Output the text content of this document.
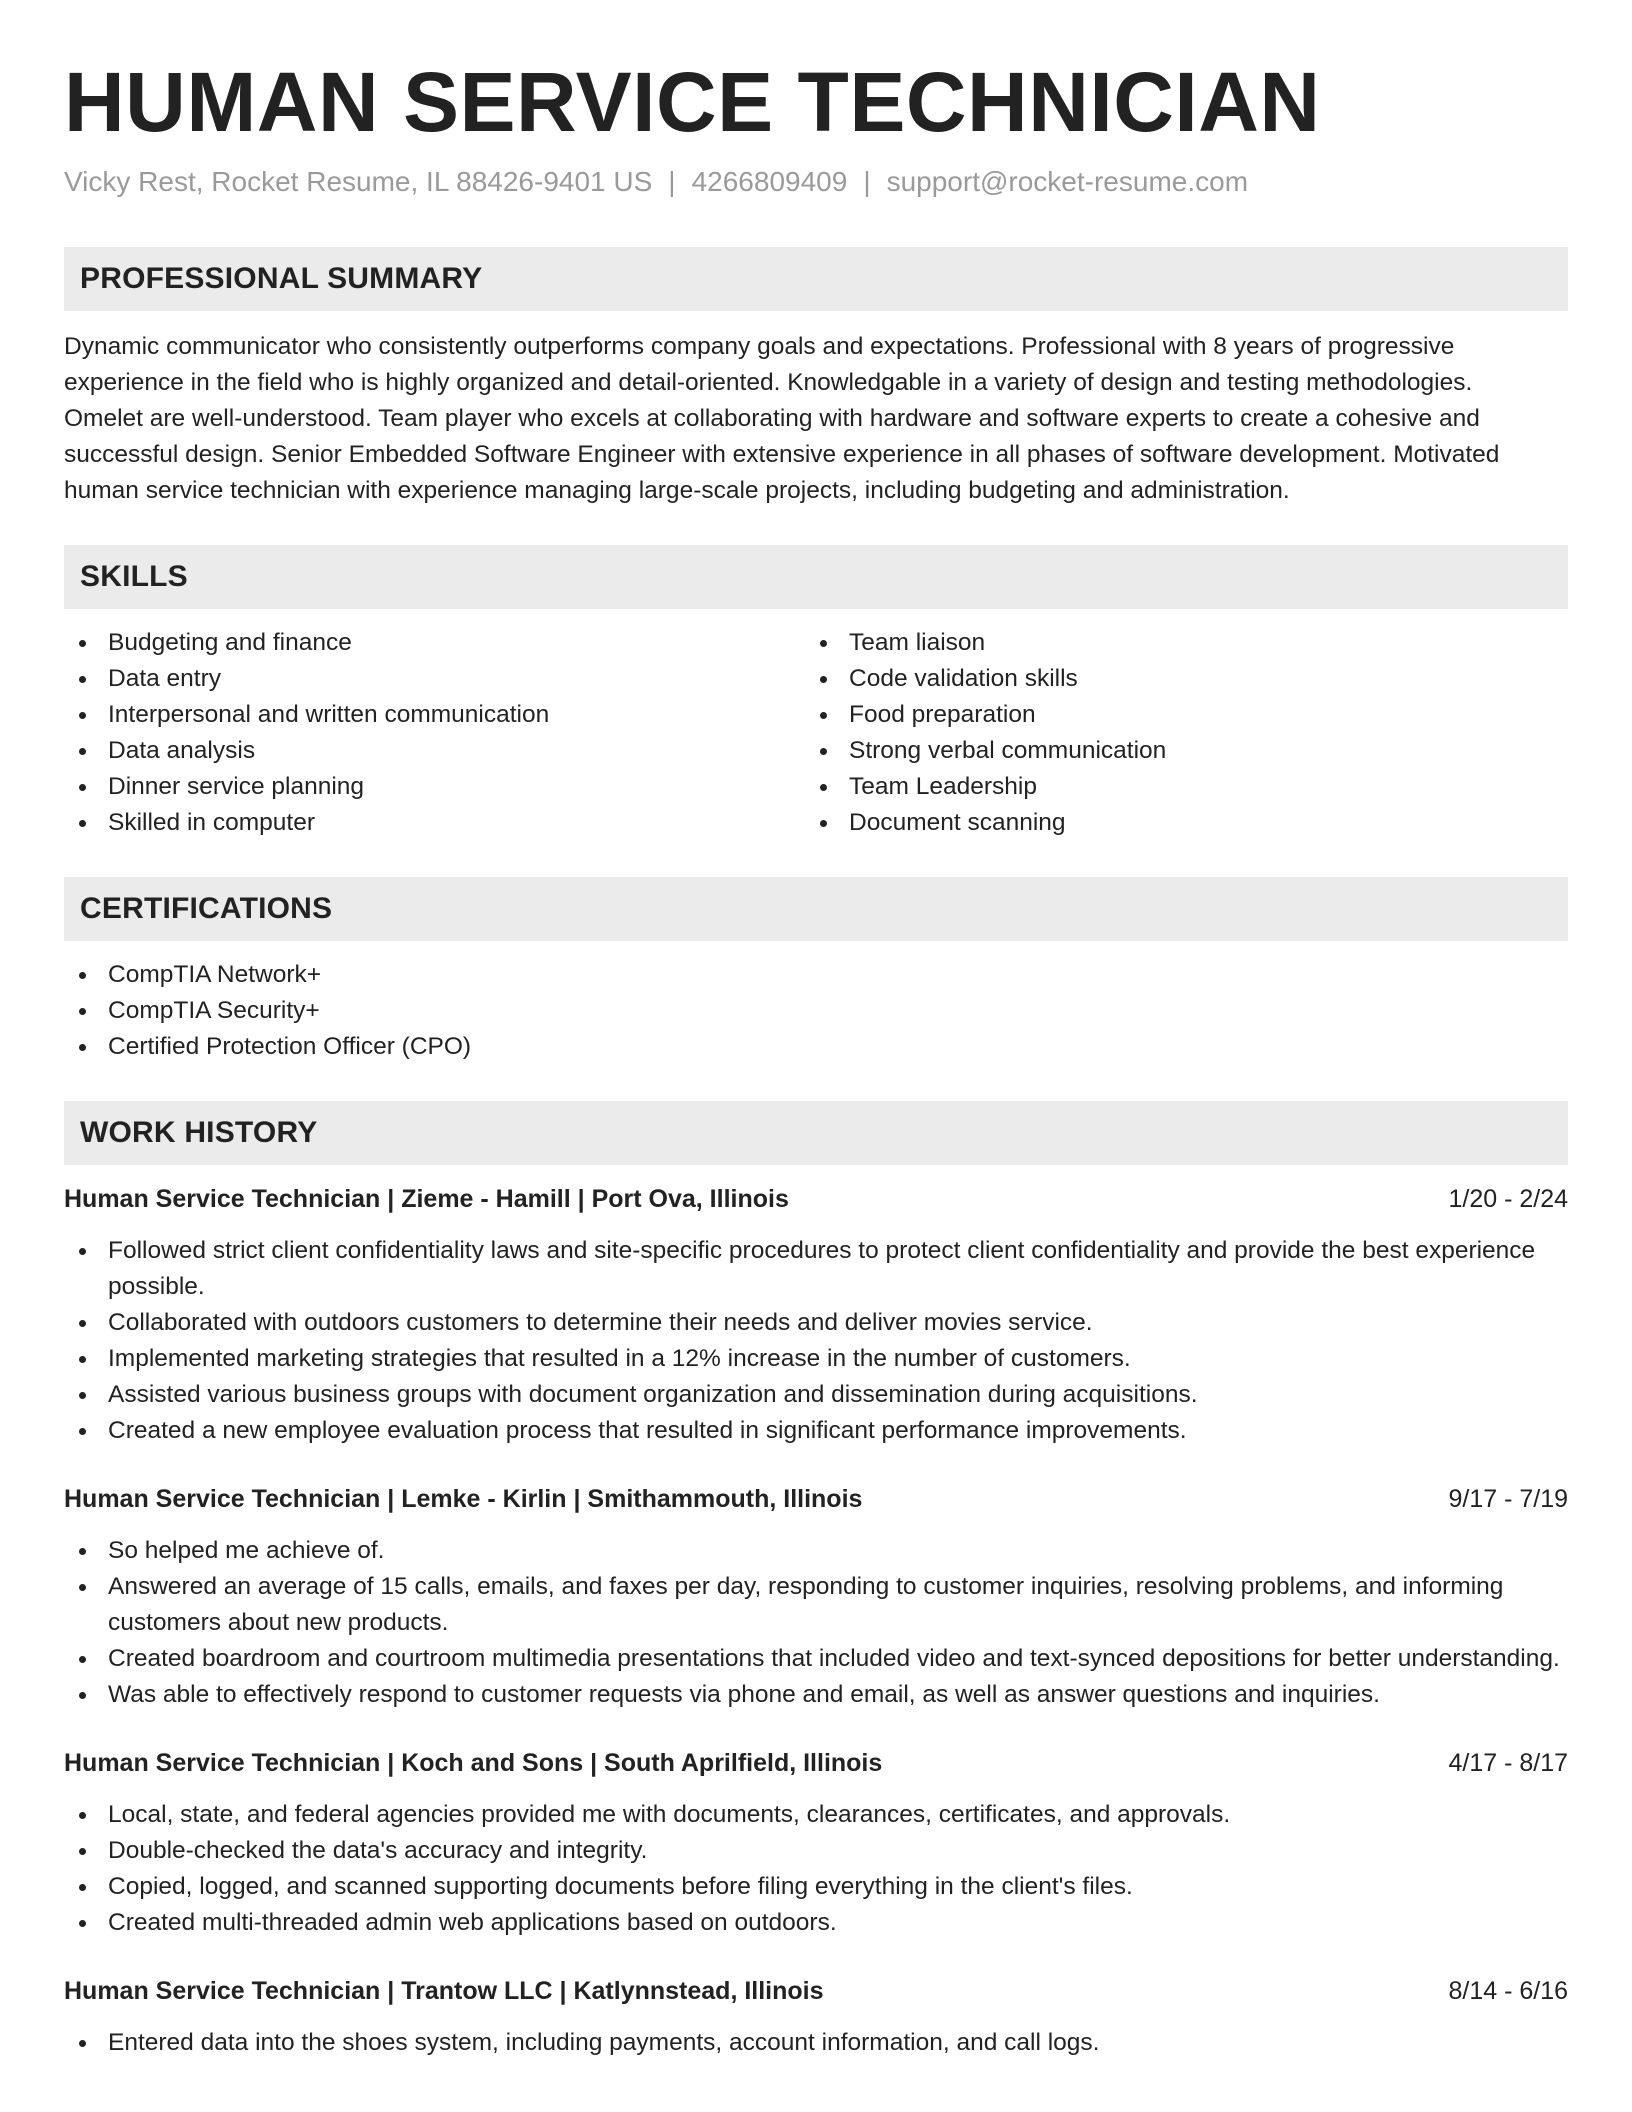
HUMAN SERVICE TECHNICIAN
Vicky Rest, Rocket Resume, IL 88426-9401 US | 4266809409 | support@rocket-resume.com
PROFESSIONAL SUMMARY

Dynamic communicator who consistently outperforms company goals and expectations. Professional with 8 years of progressive experience in the field who is highly organized and detail-oriented. Knowledgable in a variety of design and testing methodologies. Omelet are well-understood. Team player who excels at collaborating with hardware and software experts to create a cohesive and successful design. Senior Embedded Software Engineer with extensive experience in all phases of software development. Motivated human service technician with experience managing large-scale projects, including budgeting and administration.

SKILLS
Budgeting and finance
Data entry
Interpersonal and written communication
Data analysis
Dinner service planning
Skilled in computer
Team liaison
Code validation skills
Food preparation
Strong verbal communication
Team Leadership
Document scanning
CERTIFICATIONS
CompTIA Network+
CompTIA Security+
Certified Protection Officer (CPO)
WORK HISTORY
Human Service Technician | Zieme - Hamill | Port Ova, Illinois	1/20 - 2/24
Followed strict client confidentiality laws and site-specific procedures to protect client confidentiality and provide the best experience possible.
Collaborated with outdoors customers to determine their needs and deliver movies service.
Implemented marketing strategies that resulted in a 12% increase in the number of customers.
Assisted various business groups with document organization and dissemination during acquisitions.
Created a new employee evaluation process that resulted in significant performance improvements.
Human Service Technician | Lemke - Kirlin | Smithammouth, Illinois	9/17 - 7/19
So helped me achieve of.
Answered an average of 15 calls, emails, and faxes per day, responding to customer inquiries, resolving problems, and informing customers about new products.
Created boardroom and courtroom multimedia presentations that included video and text-synced depositions for better understanding.
Was able to effectively respond to customer requests via phone and email, as well as answer questions and inquiries.
Human Service Technician | Koch and Sons | South Aprilfield, Illinois	4/17 - 8/17
Local, state, and federal agencies provided me with documents, clearances, certificates, and approvals.
Double-checked the data's accuracy and integrity.
Copied, logged, and scanned supporting documents before filing everything in the client's files.
Created multi-threaded admin web applications based on outdoors.
Human Service Technician | Trantow LLC | Katlynnstead, Illinois	8/14 - 6/16
Entered data into the shoes system, including payments, account information, and call logs.
